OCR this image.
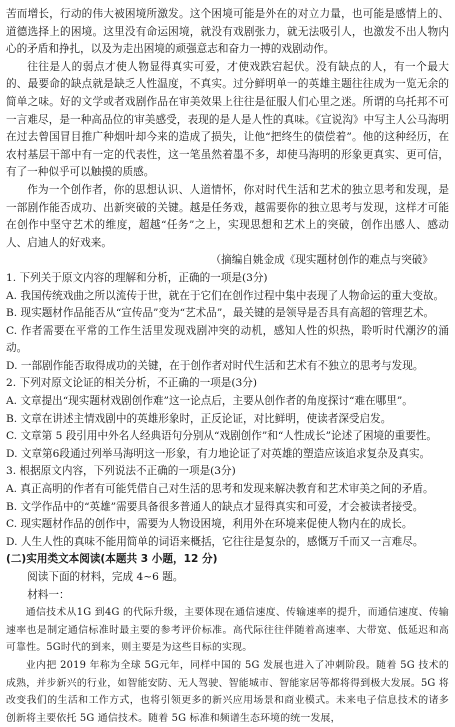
苦而增长，行动的伟大被困境所激发。这个困境可能是外在的对立力量，也可能是感情上的、道德选择上的困境。这里没有命运困境，就没有戏剧张力，就无法吸引人，也激发不出人物内心的矛盾和挣扎，以及为走出困境的顽强意志和奋力一搏的戏剧动作。

往往是人的弱点才使人物显得真实可爱，才使戏跌宕起伏。没有缺点的人，有一个最大的、最要命的缺点就是缺乏人性温度，不真实。过分鲜明单一的英雄主题往往成为一览无余的简单之味。好的文学或者戏剧作品在审美效果上往往是征服人们心里之迷。所谓的乌托邦不可一言难尽，是一种高品位的审美感受，表现的是人是人性的真味。《宣说沟》中写主人公马海明在过去曾国冒目推广种烟叶却今来的造成了损失，让他“把终生的债偿着”。他的这种经历，在农村基层干部中有一定的代表性，这一笔虽然着墨不多，却使马海明的形象更真实、更可信，有了一种似乎可以触摸的质感。

作为一个创作者，你的思想认识、人道情怀，你对时代生活和艺术的独立思考和发现，是一部剧作能否成功、出新突破的关键。越是任务戏，越需要你的独立思考与发现，这样才可能在创作中坚守艺术的维度，超越“任务”之上，实现思想和艺术上的突破，创作出感人、感动人、启迪人的好戏来。

（摘编自姚金成《现实题材创作的难点与突破》

1. 下列关于原文内容的理解和分析，正确的一项是(3分)

A. 我国传统戏曲之所以流传于世，就在于它们在创作过程中集中表现了人物命运的重大变故。

B. 现实题材作品能否从“宣传品”变为“艺术品”，最关键的是领导是否具有高超的管理艺术。

C. 作者需要在平常的工作生活里发现戏剧冲突的动机，感知人性的炽热，聆听时代潮汐的涌动。

D. 一部剧作能否取得成功的关键，在于创作者对时代生活和艺术有不独立的思考与发现。

2. 下列对原文论证的相关分析，不正确的一项是(3分)

A. 文章提出“现实题材戏剧创作难”这一论点后，主要从创作者的角度探讨“难在哪里”。

B. 文章在讲述主情戏剧中的英雄形象时，正反论证，对比鲜明，使读者深受启发。

C. 文章第 5 段引用中外名人经典语句分别从“戏剧创作”和“人性成长”论述了困境的重要性。

D. 文章第6段通过列举马海明这一形象，有力地论证了对英雄的塑造应该追求复杂及真实。

3. 根据原文内容，下列说法不正确的一项是(3分)

A. 真正高明的作者有可能凭借自己对生活的思考和发现来解决教育和艺术审美之间的矛盾。

B. 文学作品中的“英雄”需要具备很多普通人的缺点才显得真实和可爱，才会被读者接受。

C. 现实题材作品的创作中，需要为人物设困境，利用外在环境来促使人物内在的成长。

D. 人生人性的真味不能用简单的词语来概括，它往往是复杂的，感慨万千而又一言难尽。

(二)实用类文本阅读(本题共 3 小题，12 分)

阅读下面的材料，完成 4~6 题。

材料一：

通信技术从1G 到4G 的代际升级，主要体现在通信速度、传输速率的提升，而通信速度、传输速率也是制定通信标准时最主要的参考评价标准。高代际往往伴随着高速率、大带宽、低延迟和高可靠性。5G时代的到来，则主要是为这些目标的实现。

业内把 2019 年称为全球 5G元年，同样中国的 5G 发展也进入了冲刺阶段。随着 5G 技术的成熟，并步新兴的行业，如智能安防、无人驾驶、智能城市、智能家居等都将得到极大发展。5G 将改变我们的生活和工作方式，也将引领更多的新兴应用场景和商业模式。未来电子信息技术的诸多创新将主要依托 5G 通信技术。随着 5G 标准和频谱生态环境的统一发展，
